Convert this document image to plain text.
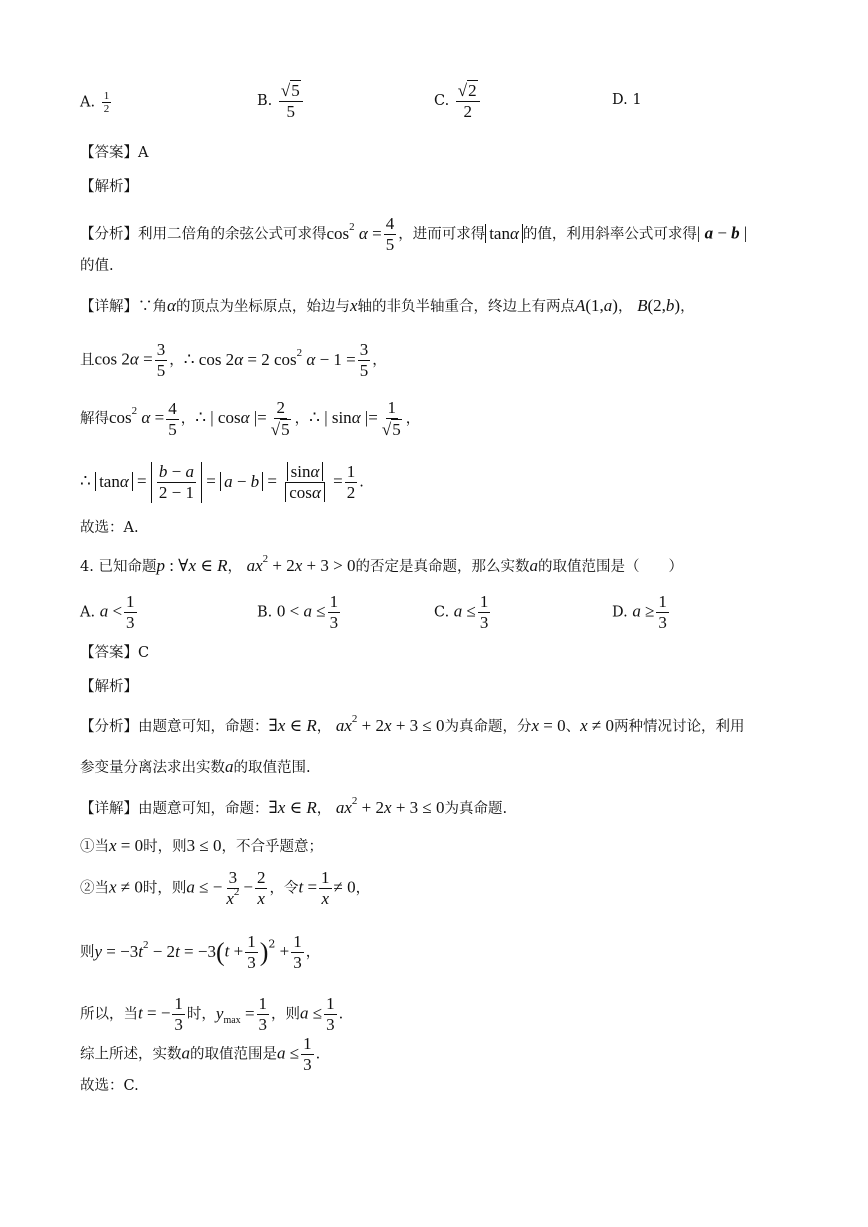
A. $\frac{1}{2}$	B. $\frac{√ 5}{5}$	C. $\frac{√ 2}{2}$	D. 1
【答案】A
【解析】
【分析】利用二倍角的余弦公式可求得$\cos^2 \alpha = \frac{4}{5}$ ，进而可求得 tanα 的值，利用斜率公式可求得| a − b |
的值.
【详解】∵角α的顶点为坐标原点，始边与x轴的非负半轴重合，终边上有两点A(1,a)， B(2,b)，
且$\cos 2\alpha = \frac{3}{5}$ ，∴ cos 2α = 2 $\cos^2 \alpha - 1 = \frac{3}{5}$ ，
解得$\cos^2 \alpha = \frac{4}{5}$ ，∴ | cosα |= $\frac{2}{√ 5}$ ，∴ | sinα |= $\frac{1}{√ 5}$ ，
∴ $\tan\alpha = \frac{b - a}{2 - 1} = a - b = \frac{\sin\alpha}{\cos\alpha} = \frac{1}{2}$ .
故选：A.
4. 已知命题p : ∀x ∈ R， $ax^2 + 2x + 3 > 0$的否定是真命题，那么实数a的取值范围是（　　）
A. $a < \frac{1}{3}$	B. $0 < a \le \frac{1}{3}$	C. $a \le \frac{1}{3}$	D. $a \ge \frac{1}{3}$
【答案】C
【解析】
【分析】由题意可知，命题：∃x ∈ R， $ax^2 + 2x + 3 \le 0$为真命题，分x = 0、x ≠ 0两种情况讨论，利用
参变量分离法求出实数a的取值范围.
【详解】由题意可知，命题：∃x ∈ R， $ax^2 + 2x + 3 \le 0$为真命题.
①当x = 0时，则3 ≤ 0，不合乎题意；
②当x ≠ 0时，则a ≤ − $\frac{3}{x^2} - \frac{2}{x}$ ，令$t = \frac{1}{x} \ne 0$，
则$y = -3t^2 - 2t = -3(t + \frac{1}{3} )^2 + \frac{1}{3}$ ，
所以，当t = − $\frac{1}{3}$ 时，$y_{max} = \frac{1}{3}$ ，则$a \le \frac{1}{3}$ .
综上所述，实数a的取值范围是$a \le \frac{1}{3}$ .
故选：C.
